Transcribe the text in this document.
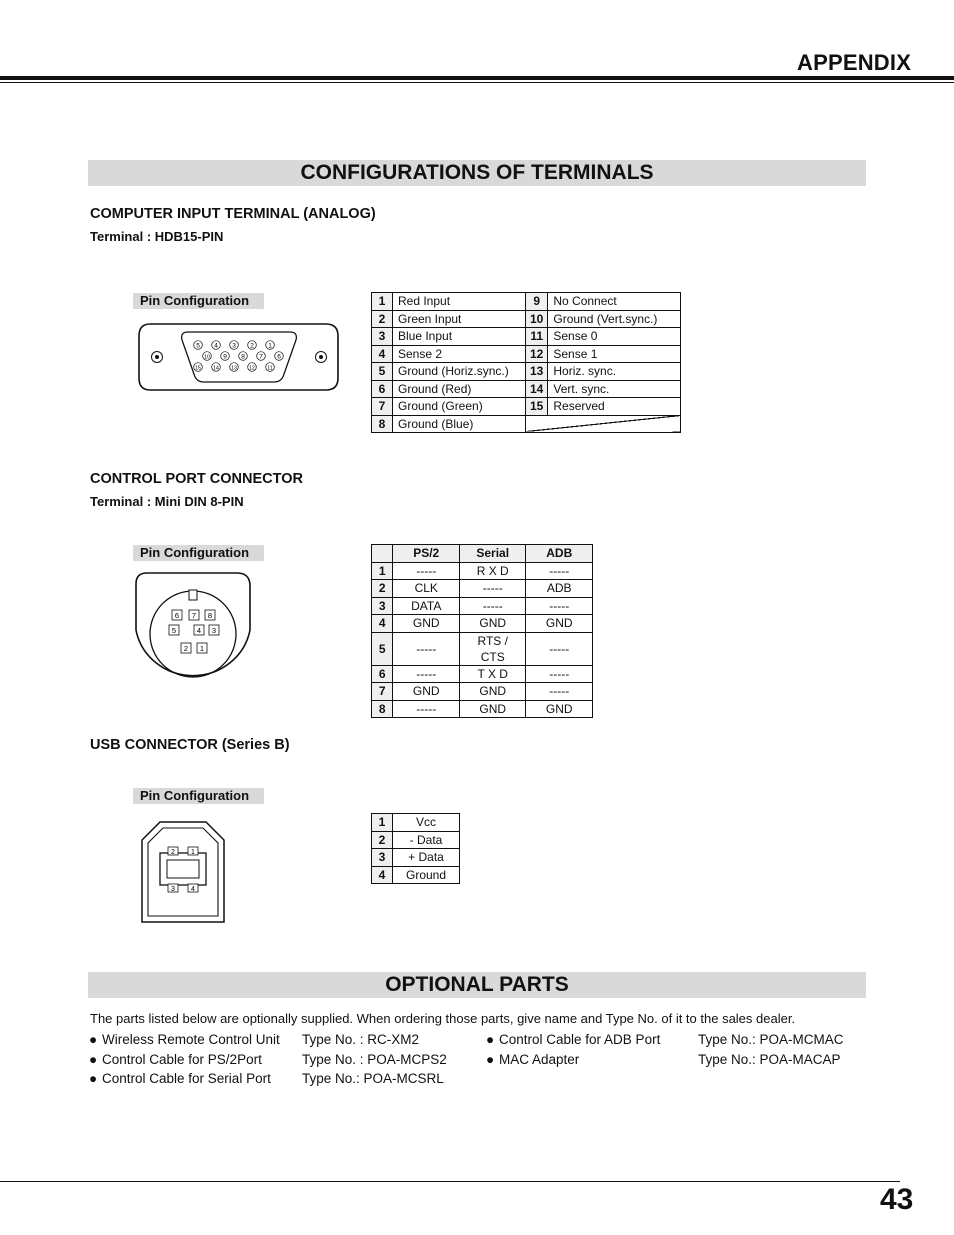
APPENDIX
CONFIGURATIONS OF TERMINALS
COMPUTER INPUT TERMINAL (ANALOG)
Terminal : HDB15-PIN
Pin Configuration
5 4 3 2 1
10 9 8 7 6
15 14 13 12	11
1	Red Input	9	No Connect
2	Green Input	10	Ground (Vert.sync.)
3	Blue Input	11	Sense 0
4	Sense 2	12	Sense 1
5	Ground (Horiz.sync.)	13	Horiz. sync.
6	Ground (Red)	14	Vert. sync.
7	Ground (Green)	15	Reserved
8	Ground (Blue)		
CONTROL PORT CONNECTOR
Terminal : Mini DIN 8-PIN
Pin Configuration
6 7 8
5	4 3
2 1
	PS/2	Serial	ADB
1	-----	R X D	-----
2	CLK	-----	ADB
3	DATA	-----	-----
4	GND	GND	GND
5	-----	RTS / CTS	-----
6	-----	T X D	-----
7	GND	GND	-----
8	-----	GND	GND
USB CONNECTOR (Series B)
Pin Configuration
2 1
3 4
1	Vcc
2	- Data
3	+ Data
4	Ground
OPTIONAL PARTS
The parts listed below are optionally supplied. When ordering those parts, give name and Type No. of it to the sales dealer.
● Wireless Remote Control Unit Type No. : RC-XM2
● Control Cable for PS/2Port	Type No. : POA-MCPS2
● Control Cable for Serial Port Type No.: POA-MCSRL
● Control Cable for ADB Port	Type No.: POA-MCMAC
● MAC Adapter	Type No.: POA-MACAP
43
